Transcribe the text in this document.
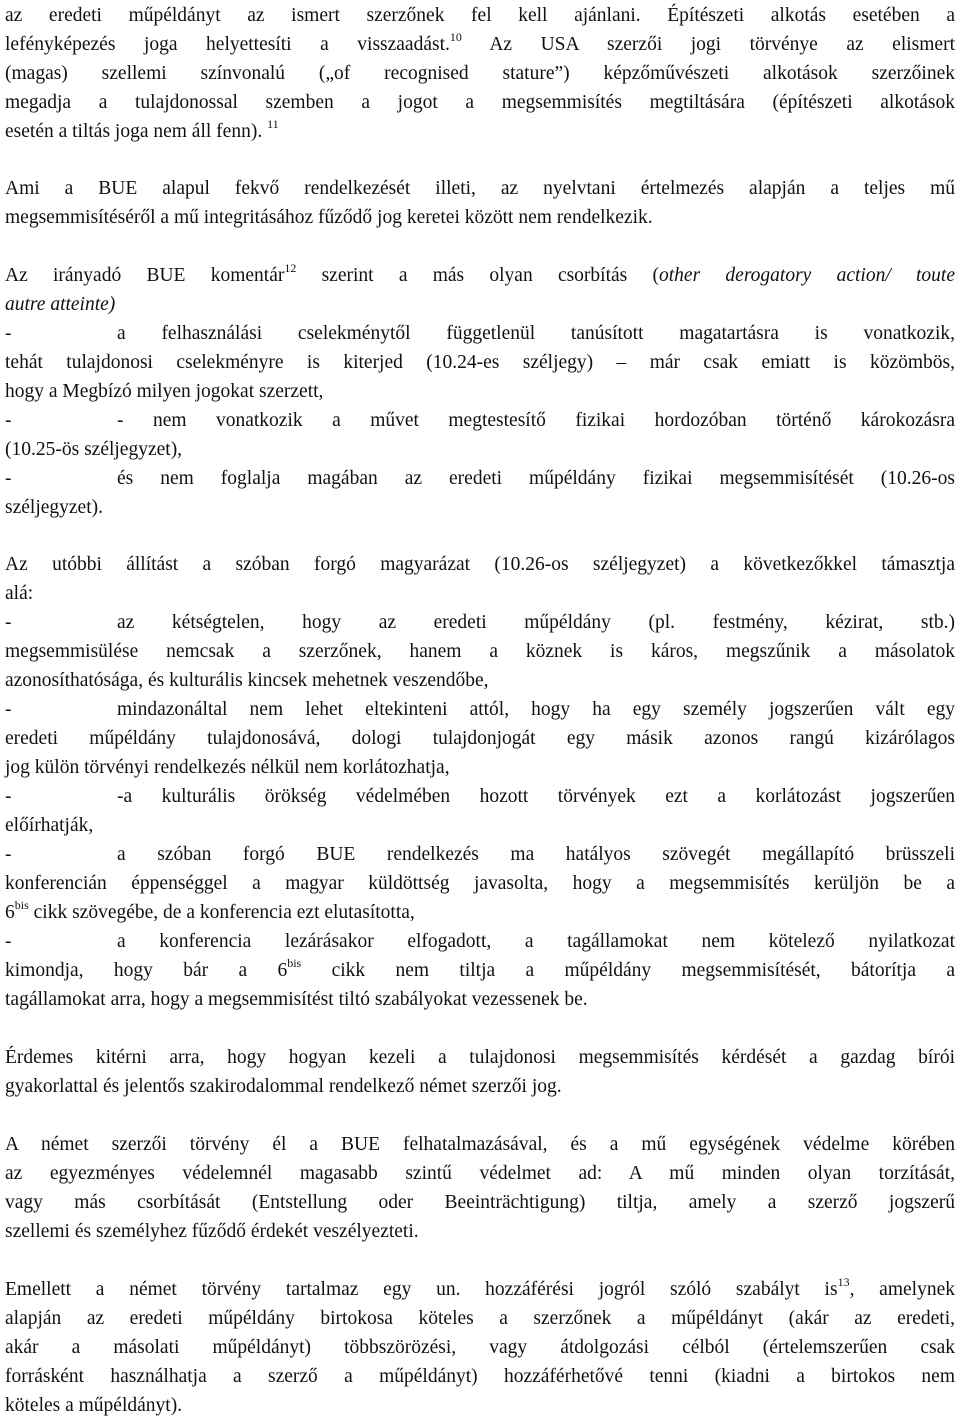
az eredeti műpéldányt az ismert szerzőnek fel kell ajánlani. Építészeti alkotás esetében a
lefényképezés joga helyettesíti a visszaadást.$^{10}$ Az USA szerzői jogi törvénye az elismert
(magas) szellemi színvonalú („of recognised stature”) képzőművészeti alkotások szerzőinek
megadja a tulajdonossal szemben a jogot a megsemmisítés megtiltására (építészeti alkotások
esetén a tiltás joga nem áll fenn). $^{11}$
Ami a BUE alapul fekvő rendelkezését illeti, az nyelvtani értelmezés alapján a teljes mű
megsemmisítéséről a mű integritásához fűződő jog keretei között nem rendelkezik.
Az irányadó BUE komentár$^{12}$ szerint a más olyan csorbítás (other derogatory action/ toute
autre atteinte)
-	a felhasználási cselekménytől függetlenül tanúsított magatartásra is vonatkozik,
tehát tulajdonosi cselekményre is kiterjed (10.24-es széljegy) – már csak emiatt is közömbös,
hogy a Megbízó milyen jogokat szerzett,
-	- nem vonatkozik a művet megtestesítő fizikai hordozóban történő károkozásra
(10.25-ös széljegyzet),
-	és nem foglalja magában az eredeti műpéldány fizikai megsemmisítését (10.26-os
széljegyzet).
Az utóbbi állítást a szóban forgó magyarázat (10.26-os széljegyzet) a következőkkel támasztja
alá:
-	az kétségtelen, hogy az eredeti műpéldány (pl. festmény, kézirat, stb.)
megsemmisülése nemcsak a szerzőnek, hanem a köznek is káros, megszűnik a másolatok
azonosíthatósága, és kulturális kincsek mehetnek veszendőbe,
-	mindazonáltal nem lehet eltekinteni attól, hogy ha egy személy jogszerűen vált egy
eredeti műpéldány tulajdonosává, dologi tulajdonjogát egy másik azonos rangú kizárólagos
jog külön törvényi rendelkezés nélkül nem korlátozhatja,
-	-a kulturális örökség védelmében hozott törvények ezt a korlátozást jogszerűen
előírhatják,
-	a szóban forgó BUE rendelkezés ma hatályos szövegét megállapító brüsszeli
konferencián éppenséggel a magyar küldöttség javasolta, hogy a megsemmisítés kerüljön be a
$6^{bis}$ cikk szövegébe, de a konferencia ezt elutasította,
-	a konferencia lezárásakor elfogadott, a tagállamokat nem kötelező nyilatkozat
kimondja, hogy bár a $6^{bis}$ cikk nem tiltja a műpéldány megsemmisítését, bátorítja a
tagállamokat arra, hogy a megsemmisítést tiltó szabályokat vezessenek be.
Érdemes kitérni arra, hogy hogyan kezeli a tulajdonosi megsemmisítés kérdését a gazdag bírói
gyakorlattal és jelentős szakirodalommal rendelkező német szerzői jog.
A német szerzői törvény él a BUE felhatalmazásával, és a mű egységének védelme körében
az egyezményes védelemnél magasabb szintű védelmet ad: A mű minden olyan torzítását,
vagy más csorbítását (Entstellung oder Beeinträchtigung) tiltja, amely a szerző jogszerű
szellemi és személyhez fűződő érdekét veszélyezteti.
Emellett a német törvény tartalmaz egy un. hozzáférési jogról szóló szabályt $is^{13}$, amelynek
alapján az eredeti műpéldány birtokosa köteles a szerzőnek a műpéldányt (akár az eredeti,
akár a másolati műpéldányt) többszörözési, vagy átdolgozási célból (értelemszerűen csak
forrásként használhatja a szerző a műpéldányt) hozzáférhetővé tenni (kiadni a birtokos nem
köteles a műpéldányt).
